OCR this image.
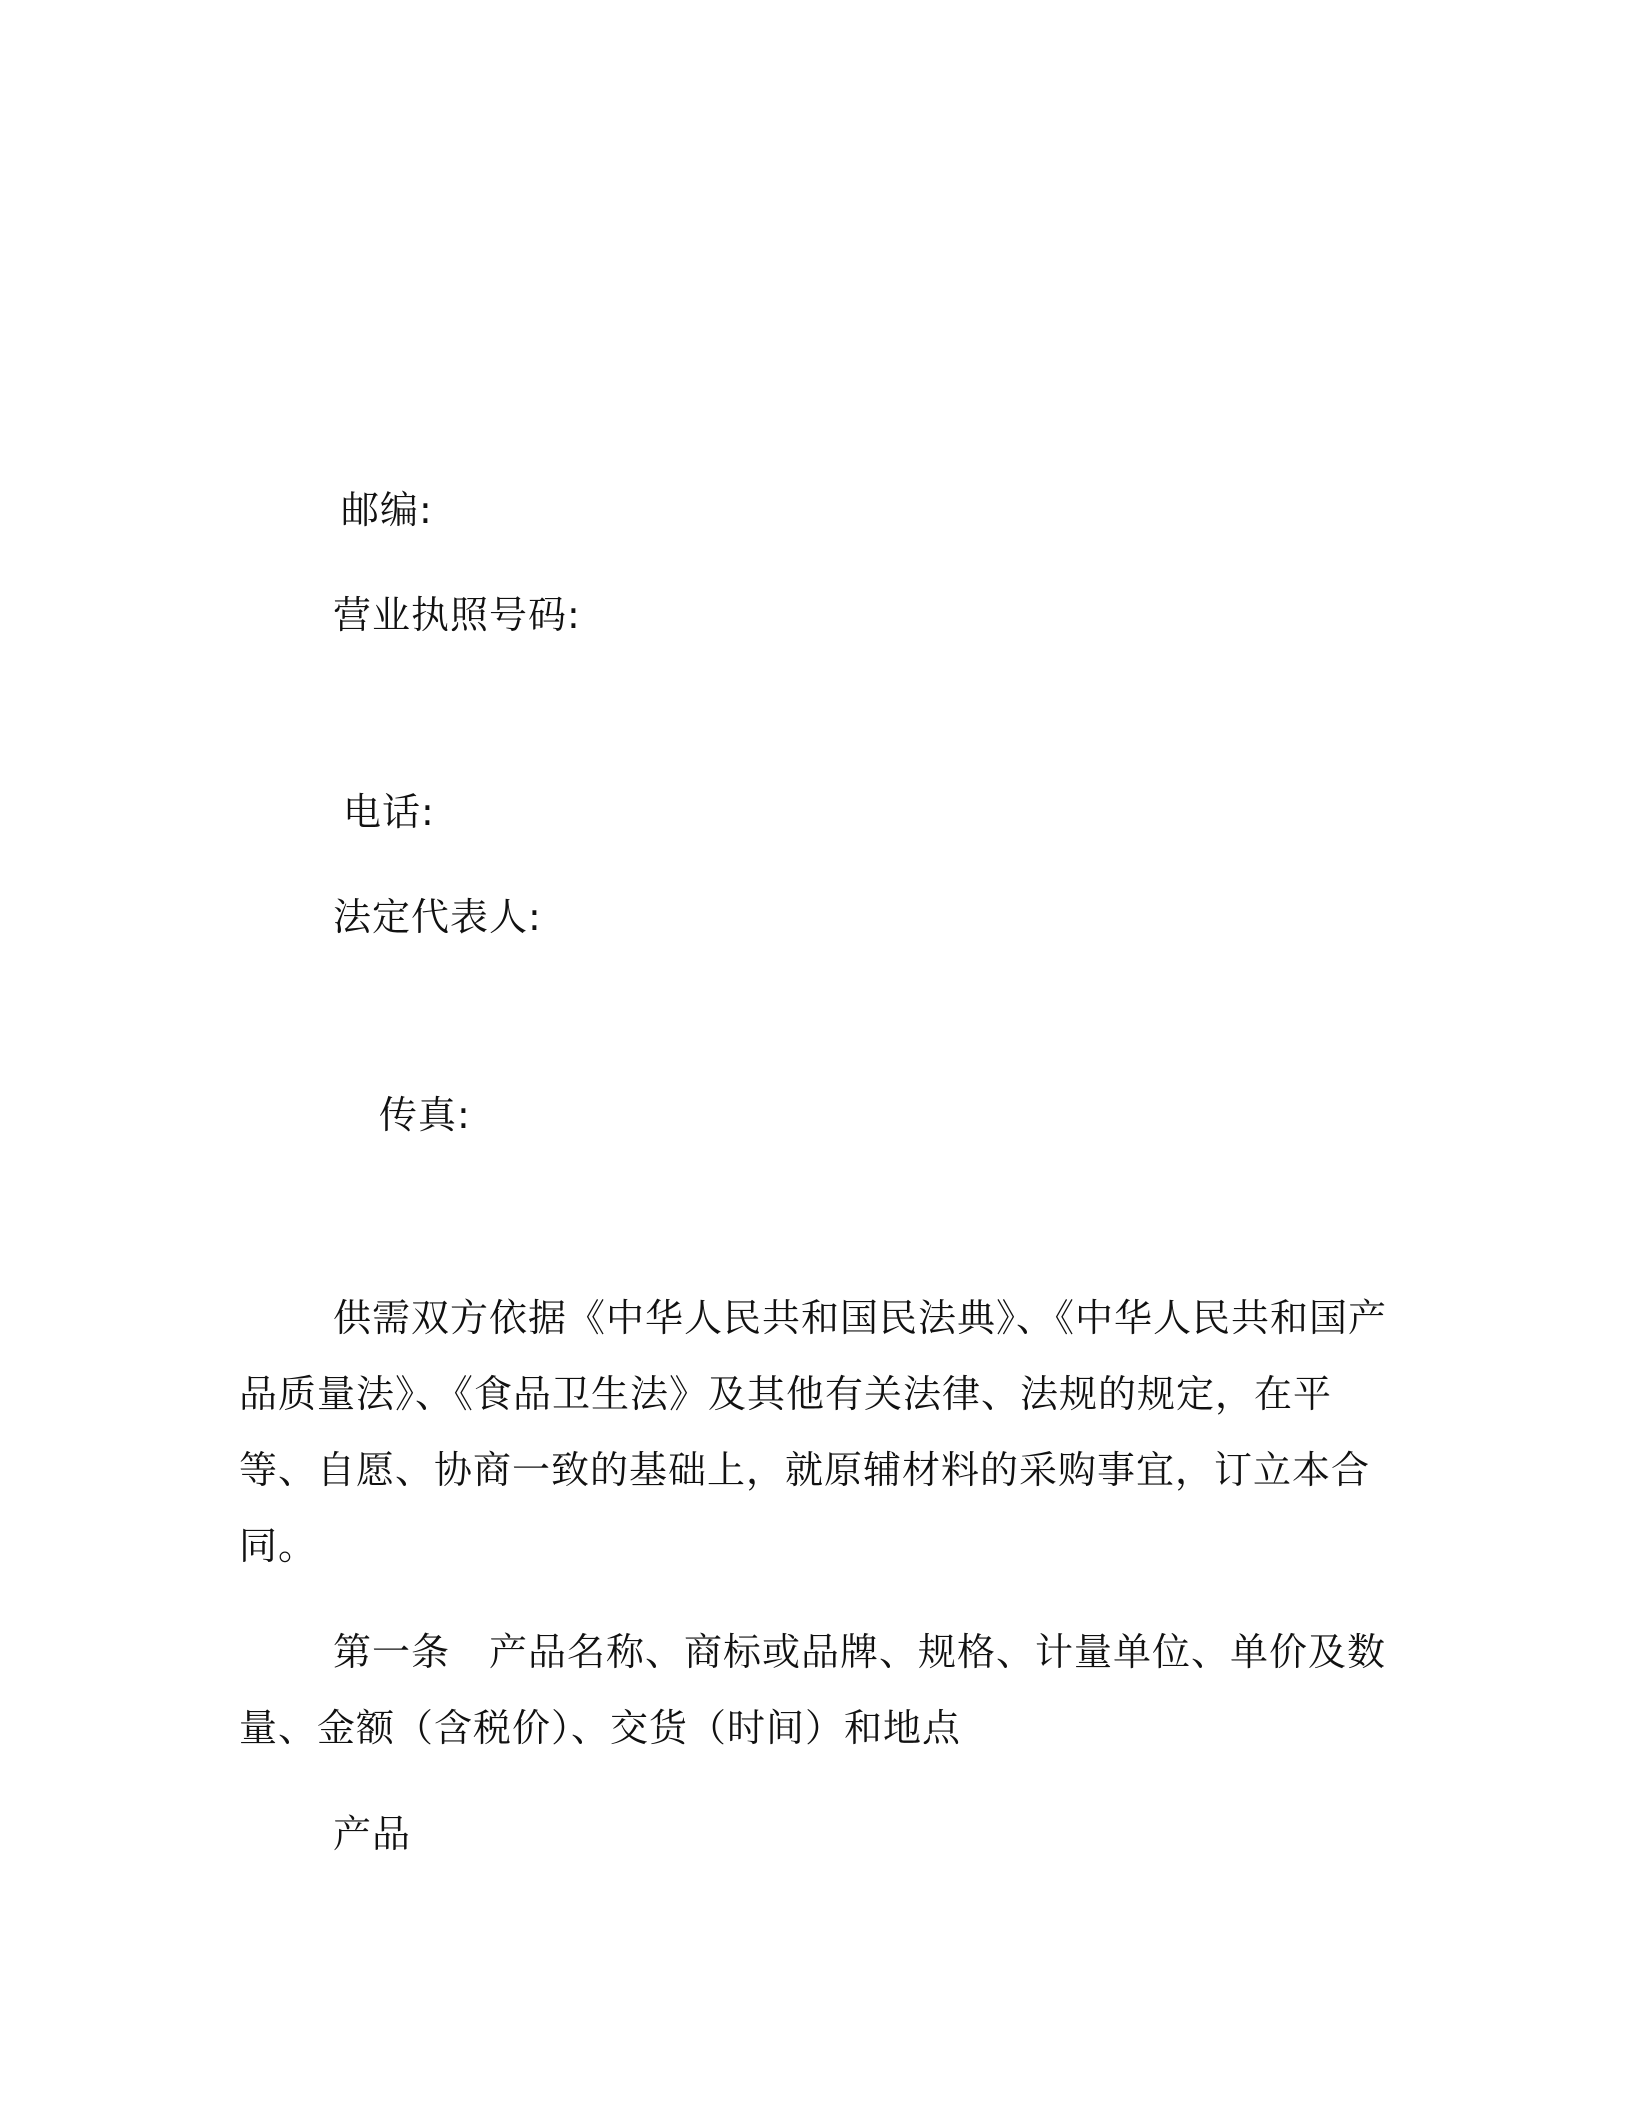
邮编:
营业执照号码:
电话:
法定代表人:
传真:
供需双方依据《中华人民共和国民法典》、《中华人民共和国产
品质量法》、《食品卫生法》及其他有关法律、法规的规定，在平
等、自愿、协商一致的基础上，就原辅材料的采购事宜，订立本合
同。
第一条　产品名称、商标或品牌、规格、计量单位、单价及数
量、金额（含税价）、交货（时间）和地点
产品
